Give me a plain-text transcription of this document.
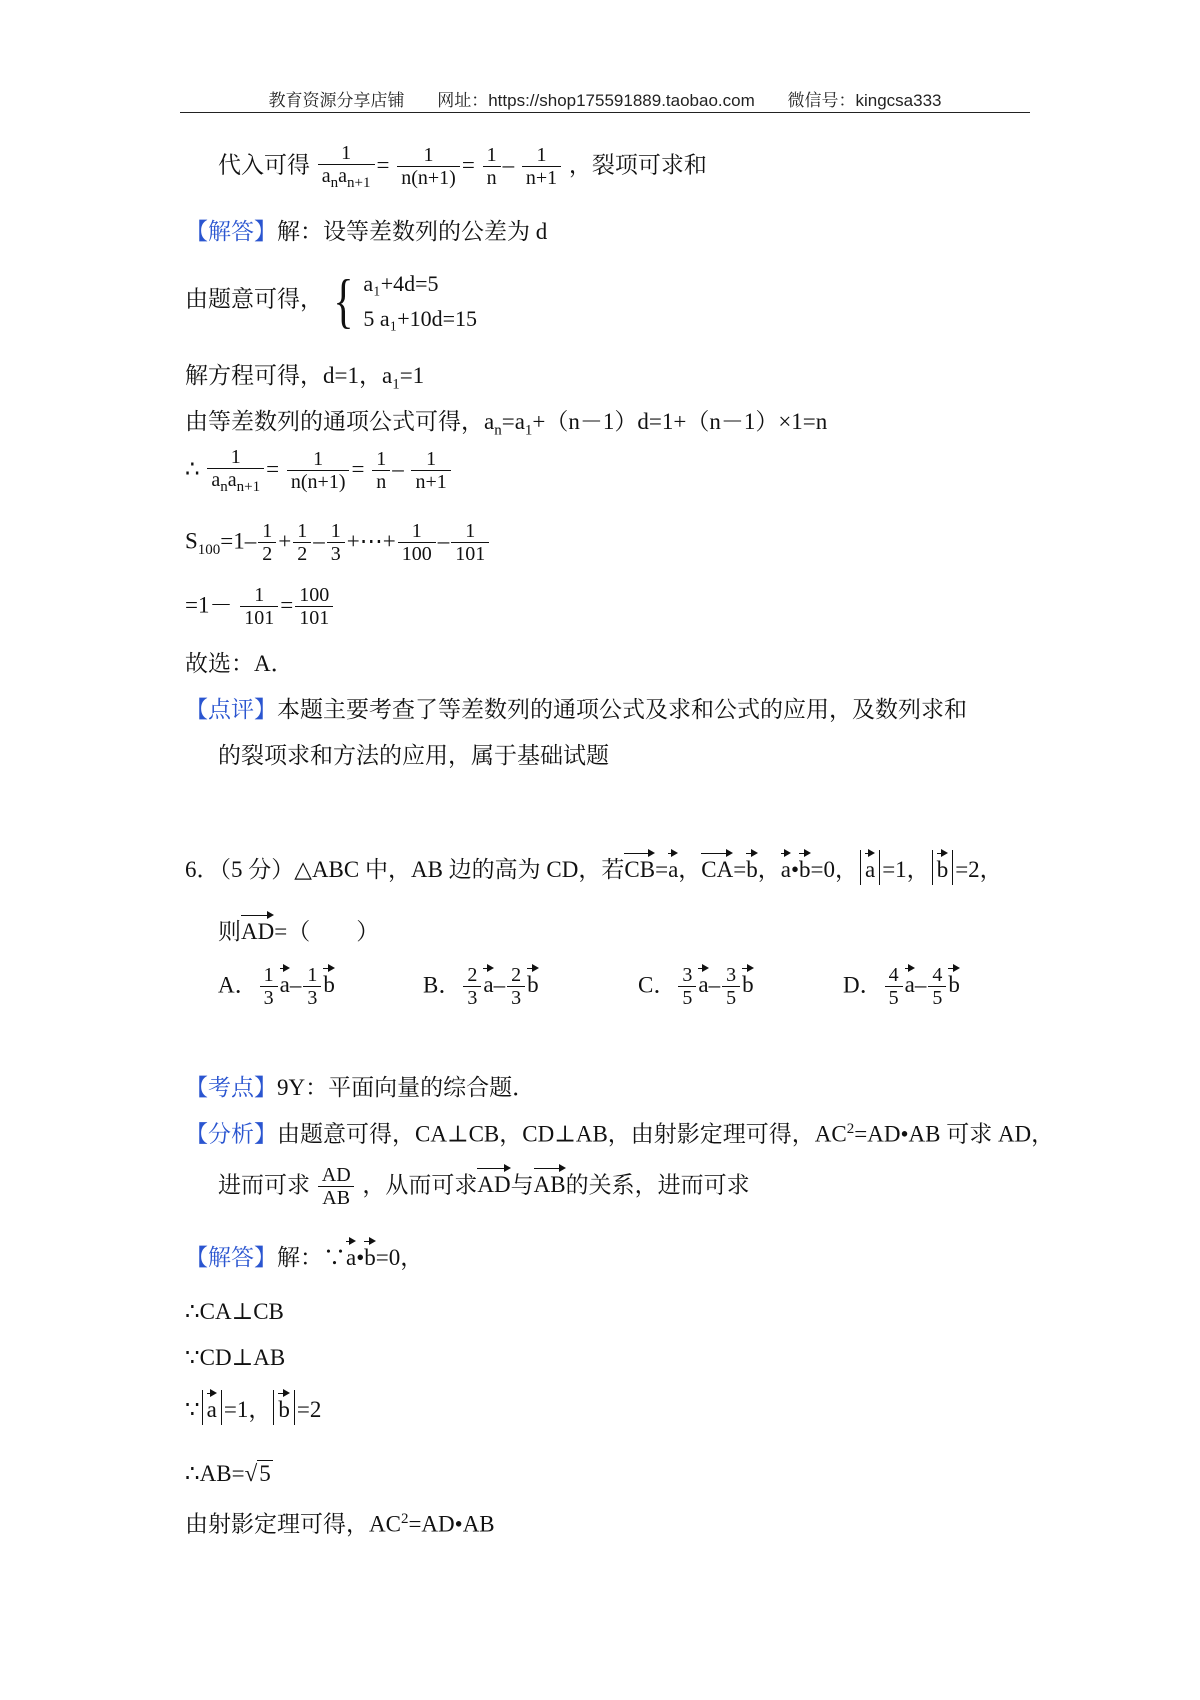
教育资源分享店铺 网址：https://shop175591889.taobao.com 微信号：kingcsa333
代入可得 $\frac{1}{a_na_{n+1}} = \frac{1}{n(n+1)} = \frac{1}{n} - \frac{1}{n+1}$ ，裂项可求和
【解答】解：设等差数列的公差为 d
由题意可得， { a₁+4d=5
5 a₁+10d=15
解方程可得，d=1，$a_1=1$
由等差数列的通项公式可得，$a_n=a_1+(n-1)d=1+(n-1)\times 1=n$
∴ $\frac{1}{a_na_{n+1}} = \frac{1}{n(n+1)} = \frac{1}{n} - \frac{1}{n+1}$
$S_{100}=1- \frac{1}{2} + \frac{1}{2} - \frac{1}{3}$ +⋯+ $\frac{1}{100} - \frac{1}{101}$
$=1- \frac{1}{101} = \frac{100}{101}$
故选：A．
【点评】本题主要考查了等差数列的通项公式及求和公式的应用，及数列求和
的裂项求和方法的应用，属于基础试题
6．（5 分）△ABC 中，AB 边的高为 CD，若CB=a，CA=b，a•b=0， a =1， b =2，
则AD=（　　）
A． $\frac{1}{3} a- \frac{1}{3}$ b	B． $\frac{2}{3} a- \frac{2}{3}$ b	C． $\frac{3}{5} a- \frac{3}{5}$ b	D． $\frac{4}{5} a- \frac{4}{5}$ b
【考点】9Y：平面向量的综合题．
【分析】由题意可得，CA⊥CB，CD⊥AB，由射影定理可得，$AC^2=AD•AB$ 可求 AD，
进而可求 $\frac{AD}{AB}$ ，从而可求AD与AB的关系，进而可求
【解答】解：∵a•b=0，
∴CA⊥CB
∵CD⊥AB
∵ a =1， b =2
∴AB=√5
由射影定理可得，$AC^2=AD•AB$
